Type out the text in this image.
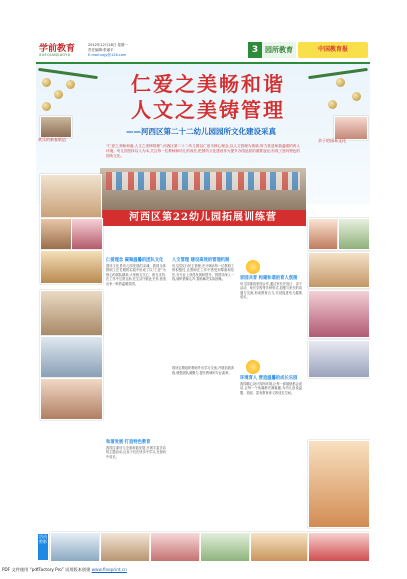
学前教育
XUEQIANJIAOYU
2012年12月28日 星期一
责任编辑:张丽平
E-mail:xqjy@126.com	3 园所教育	中国教育报
欢乐的新春联谊	亲子的园本文化
仁爱之美畅和谐
人文之美铸管理
——河西区第二十二幼儿园园所文化建设采真
“仁爱之美畅和谐,人文之美铸管理”,河西区第二十二幼儿园以仁爱为核心理念,以人文管理为基础,努力营造和谐温暖的育人环境。幼儿园坚持以人为本,关注每一位教师和幼儿的成长,把园所文化建设作为提升办园品质的重要途径,形成了独具特色的园所文化。
河西区第22幼儿园拓展训练营
仁爱理念 凝聚温馨的团队文化
园所文化是幼儿园发展的灵魂。我园全体教职工在长期的实践中形成了以“仁爱”为核心的团队精神,大家相互关心、相互支持,在工作中互帮互助,在生活中彼此关怀,营造出家一般的温暖氛围。
和谐发展 打造特色教育
我园注重幼儿全面和谐发展,开展丰富多彩的主题活动,让孩子们在快乐中学习,在游戏中成长。
人文管理 建设高效的管理机制
幼儿园实行民主管理,充分调动每一位教职工的积极性,让教师在工作中感受到尊重和信任,在专业上获得发展和提升。园领导深入一线,倾听教师心声,帮助解决实际困难。
园所定期组织教师外出学习交流,开展拓展训练,增强团队凝聚力,提升教师的专业素养。
家园共育 构建和谐的育人氛围
幼儿园重视家园合作,通过家长开放日、亲子活动、家长学校等多种形式,加强与家长的沟通与交流,形成教育合力,共同促进幼儿健康成长。
环境育人 营造温馨的成长乐园
我园精心设计园所环境,让每一面墙壁都会说话,让每一个角落都充满童趣,为幼儿创设温馨、美丽、富有教育意义的成长空间。
活动剪影
PDF 文件使用 “pdfFactory Pro” 试用版本创建 www.fineprint.cn
